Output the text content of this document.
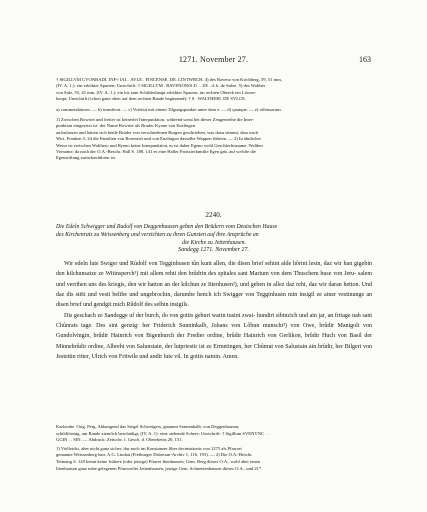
1271. November 27.	163

† SIGILLVM CVONRADI. INF≈ IAL . AVLE . FINCENSE. DE. LINTWRCH. 4) des Raveno von Kirchberg, 59, 51 mm,

(IV. A. 1.): ein erhöhter Sparren; Umschrift: † SIGILLVM . RAVENONIS D . . ZE . d. b. de Sulze. 5) des Walther

von Sulz, 55, 41 mm, (IV. A. 1.): ein bis zum Schildeshaupt erhöhter Sparren, im rechten Oberek ein Löwen-

haupt; Umschrift (schon ganz oben auf dem rechten Rande beginnend): † S . WALTHERI. DE SVLCE.

a) commendatores. — b) transferat. — c) Vorlesit mit einem Tilgungspunkte unter dem e. — d) quatque. — e) offensorum.

1) Zwischen Rowriet und freiter ist keinerlei Interpunktion, während sonst bei dieser Zeugenreihe die Inter-

punktion eingesetzt ist: der Name Rowriet als Bruder Kyone von Enzlingen

aufzufassen und hätten sich beide Brüder von verschiedenen Burgen geschrieben, was dazu stimmt, dass nach

Wirt. Franken 5, 24 die Familien von Rosenriet und von Enzlingen dasselbe Wappen führten. — 2) In ähnlicher

Weise ist zwischen Walthero und Ryeno keine Interpunktion, es ist daher Egeno wohl Geschlechtsname, Walther

Vorname, da nach der O.A.-Beschr. Hall S. 188. 141 es eine Haller Patrizierfamilie Egen gab, auf welche die

Egenstiftung zurückzuführen ist.

2240.

Die Edeln Schwigger und Rudolf von Deggenhausen geben den Brüdern vom Deutschen Hause

des Kirchenrats zu Weissenberg und verzichten zu ihren Gunsten auf ihre Ansprüche an

die Kirche zu Jettenhausen.

Sandegg 1271. November 27.

Wir edeln lute Swiger und Rúdolf von Tegginhusen tůn kunt allen, die disen brief sehint alde hôrint lesin, daz wir han gigebin den kilchunsatze ze Witinsperch¹) mit allem rehti den brûdrin des spitales sant Marium von dem Thuschem huse von Jeru- salem und verrihen uns des kriegis, den wir hatton an der kilchun ze Ittenhusen²), und geben in allez daz reht, daz wir daran hetton. Und daz dis stëti und vesti belibe und ungebrochin, darumbe hench ich Swigger von Tegginhusin min insigil ze ainer vestinunge an disen brief und gendgit mich Rûdolf des selbin insigils.

Dis geschach ze Sandegge uf der burch, do von gottis geburt warin tusint zwai- hundirt sibinzich und ain jar, an fritage nah sant Chûnrats tage. Des sint genzig: her Friderich Sunninkalb, Johans von Lôbun munschi³) von Owe, brûdir Manigolt von Gundolvingin, brûdir Hainrich von Bigenburch der Fredier ordine, brûdir Hainrich von Gerlikon, brûdir Huch von Basil der Minnebrûdir ordine, Albreht von Salunstain, der lutpriestir ist ze Ermetingen, her Chûnrat von Salustain ain brûdir, her Bilgeri von Jestettin ritter, Ulrich von Fritwile und andir lute vil. In gottis namin. Amen.

Karlsruhe. Orig. Perg. Abhangend das Siegel Schweigers, gnaunnt Sonnenkalb, von Deggenhausen,

schildförmig, am Rande ziemlich beschädigt, (IV. A. 1): eine stehende Schere; Umschrift: † Sigillum SVENVNC . .

GGIN . . SIN. — Abdruck: Zeitschr. f. Gesch. d. Oberrheins 20, 151.

1) Vielleicht, aber nicht ganz sicher, das noch im Konstanzer liber decimationis von 1275 als Pfarrort

genannte Weissenberg bair. A.G. Lindau (Freiburger Diözesan-Archiv 1, 116. 193). — 2) Die O.A.-Beschr.

Tettnang S. 129 kennt keine frühere (oder jetzige) Pfarrei Ittenhausen, Gem. Berg dieses O.A., wohl aber einen

Ittenhausen ganz nahe gelegenen Pfarrweiler Jettenhausen, jetzige Gem. Schnetzenhausen dieses O.A., und 21*
